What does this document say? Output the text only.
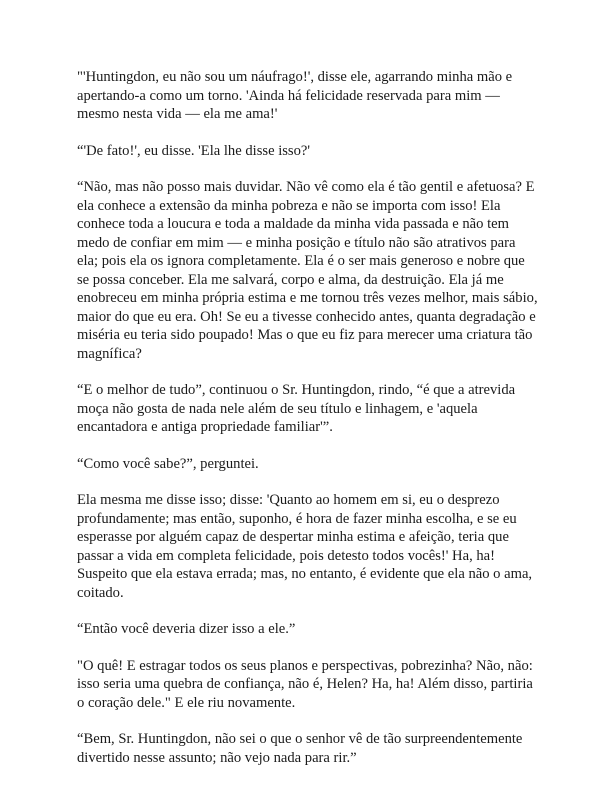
"'Huntingdon, eu não sou um náufrago!', disse ele, agarrando minha mão e apertando-a como um torno. 'Ainda há felicidade reservada para mim — mesmo nesta vida — ela me ama!'

“'De fato!', eu disse. 'Ela lhe disse isso?'

“Não, mas não posso mais duvidar. Não vê como ela é tão gentil e afetuosa? E ela conhece a extensão da minha pobreza e não se importa com isso! Ela conhece toda a loucura e toda a maldade da minha vida passada e não tem medo de confiar em mim — e minha posição e título não são atrativos para ela; pois ela os ignora completamente. Ela é o ser mais generoso e nobre que se possa conceber. Ela me salvará, corpo e alma, da destruição. Ela já me enobreceu em minha própria estima e me tornou três vezes melhor, mais sábio, maior do que eu era. Oh! Se eu a tivesse conhecido antes, quanta degradação e miséria eu teria sido poupado! Mas o que eu fiz para merecer uma criatura tão magnífica?

“E o melhor de tudo”, continuou o Sr. Huntingdon, rindo, “é que a atrevida moça não gosta de nada nele além de seu título e linhagem, e 'aquela encantadora e antiga propriedade familiar'”.

“Como você sabe?”, perguntei.

Ela mesma me disse isso; disse: 'Quanto ao homem em si, eu o desprezo profundamente; mas então, suponho, é hora de fazer minha escolha, e se eu esperasse por alguém capaz de despertar minha estima e afeição, teria que passar a vida em completa felicidade, pois detesto todos vocês!' Ha, ha! Suspeito que ela estava errada; mas, no entanto, é evidente que ela não o ama, coitado.

“Então você deveria dizer isso a ele.”

"O quê! E estragar todos os seus planos e perspectivas, pobrezinha? Não, não: isso seria uma quebra de confiança, não é, Helen? Ha, ha! Além disso, partiria o coração dele." E ele riu novamente.

“Bem, Sr. Huntingdon, não sei o que o senhor vê de tão surpreendentemente divertido nesse assunto; não vejo nada para rir.”
